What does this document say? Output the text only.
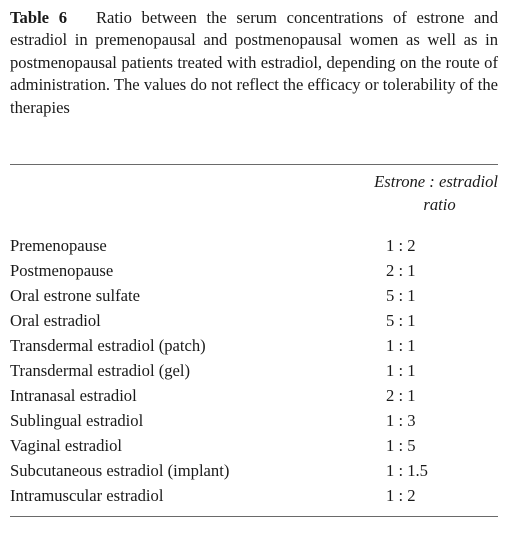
Table 6 Ratio between the serum concentrations of estrone and estradiol in premenopausal and postmenopausal women as well as in postmenopausal patients treated with estradiol, depending on the route of administration. The values do not reflect the efficacy or tolerability of the therapies
Estrone : estradiol
ratio
Premenopause	1 : 2
Postmenopause	2 : 1
Oral estrone sulfate	5 : 1
Oral estradiol	5 : 1
Transdermal estradiol (patch)	1 : 1
Transdermal estradiol (gel)	1 : 1
Intranasal estradiol	2 : 1
Sublingual estradiol	1 : 3
Vaginal estradiol	1 : 5
Subcutaneous estradiol (implant)	1 : 1.5
Intramuscular estradiol	1 : 2
